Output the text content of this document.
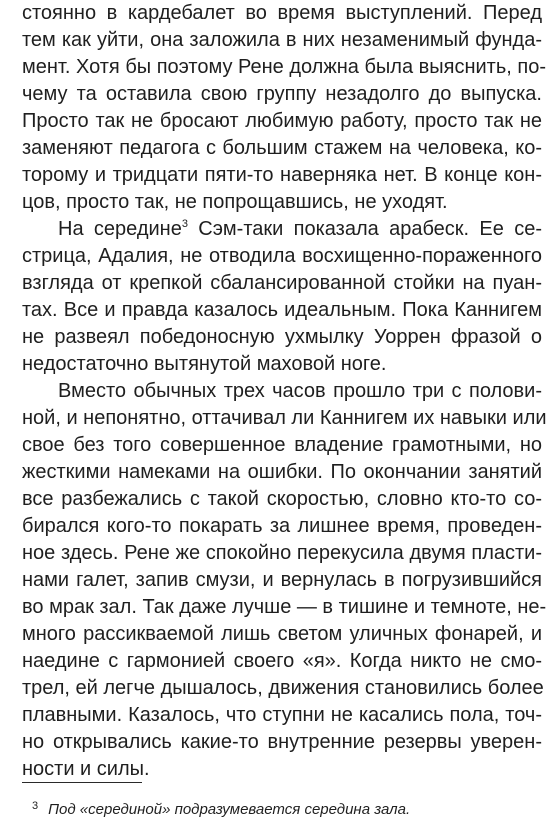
стоянно в кардебалет во время выступлений. Перед
тем как уйти, она заложила в них незаменимый фунда-
мент. Хотя бы поэтому Рене должна была выяснить, по-
чему та оставила свою группу незадолго до выпуска.
Просто так не бросают любимую работу, просто так не
заменяют педагога с большим стажем на человека, ко-
торому и тридцати пяти-то наверняка нет. В конце кон-
цов, просто так, не попрощавшись, не уходят.
На середине$^3$ Сэм-таки показала арабеск. Ее се-
стрица, Адалия, не отводила восхищенно-пораженного
взгляда от крепкой сбалансированной стойки на пуан-
тах. Все и правда казалось идеальным. Пока Каннигем
не развеял победоносную ухмылку Уоррен фразой о
недостаточно вытянутой маховой ноге.
Вместо обычных трех часов прошло три с полови-
ной, и непонятно, оттачивал ли Каннигем их навыки или
свое без того совершенное владение грамотными, но
жесткими намеками на ошибки. По окончании занятий
все разбежались с такой скоростью, словно кто-то со-
бирался кого-то покарать за лишнее время, проведен-
ное здесь. Рене же спокойно перекусила двумя пласти-
нами галет, запив смузи, и вернулась в погрузившийся
во мрак зал. Так даже лучше — в тишине и темноте, не-
много рассикваемой лишь светом уличных фонарей, и
наедине с гармонией своего «я». Когда никто не смо-
трел, ей легче дышалось, движения становились более
плавными. Казалось, что ступни не касались пола, точ-
но открывались какие-то внутренние резервы уверен-
ности и силы.
$^3$ Под «серединой» подразумевается середина зала.
